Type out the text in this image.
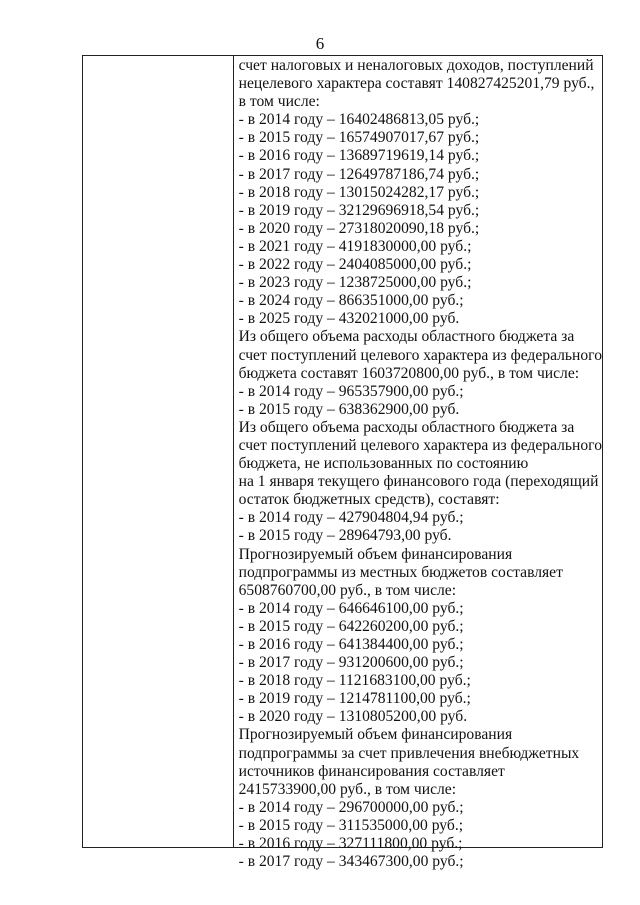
6
счет налоговых и неналоговых доходов, поступлений
нецелевого характера составят 140827425201,79 руб.,
в том числе:
- в 2014 году – 16402486813,05 руб.;
- в 2015 году – 16574907017,67 руб.;
- в 2016 году – 13689719619,14 руб.;
- в 2017 году – 12649787186,74 руб.;
- в 2018 году – 13015024282,17 руб.;
- в 2019 году – 32129696918,54 руб.;
- в 2020 году – 27318020090,18 руб.;
- в 2021 году – 4191830000,00 руб.;
- в 2022 году – 2404085000,00 руб.;
- в 2023 году – 1238725000,00 руб.;
- в 2024 году – 866351000,00 руб.;
- в 2025 году – 432021000,00 руб.
Из общего объема расходы областного бюджета за
счет поступлений целевого характера из федерального
бюджета составят 1603720800,00 руб., в том числе:
- в 2014 году – 965357900,00 руб.;
- в 2015 году – 638362900,00 руб.
Из общего объема расходы областного бюджета за
счет поступлений целевого характера из федерального
бюджета, не использованных по состоянию
на 1 января текущего финансового года (переходящий
остаток бюджетных средств), составят:
- в 2014 году – 427904804,94 руб.;
- в 2015 году – 28964793,00 руб.
Прогнозируемый объем финансирования
подпрограммы из местных бюджетов составляет
6508760700,00 руб., в том числе:
- в 2014 году – 646646100,00 руб.;
- в 2015 году – 642260200,00 руб.;
- в 2016 году – 641384400,00 руб.;
- в 2017 году – 931200600,00 руб.;
- в 2018 году – 1121683100,00 руб.;
- в 2019 году – 1214781100,00 руб.;
- в 2020 году – 1310805200,00 руб.
Прогнозируемый объем финансирования
подпрограммы за счет привлечения внебюджетных
источников финансирования составляет
2415733900,00 руб., в том числе:
- в 2014 году – 296700000,00 руб.;
- в 2015 году – 311535000,00 руб.;
- в 2016 году – 327111800,00 руб.;
- в 2017 году – 343467300,00 руб.;
